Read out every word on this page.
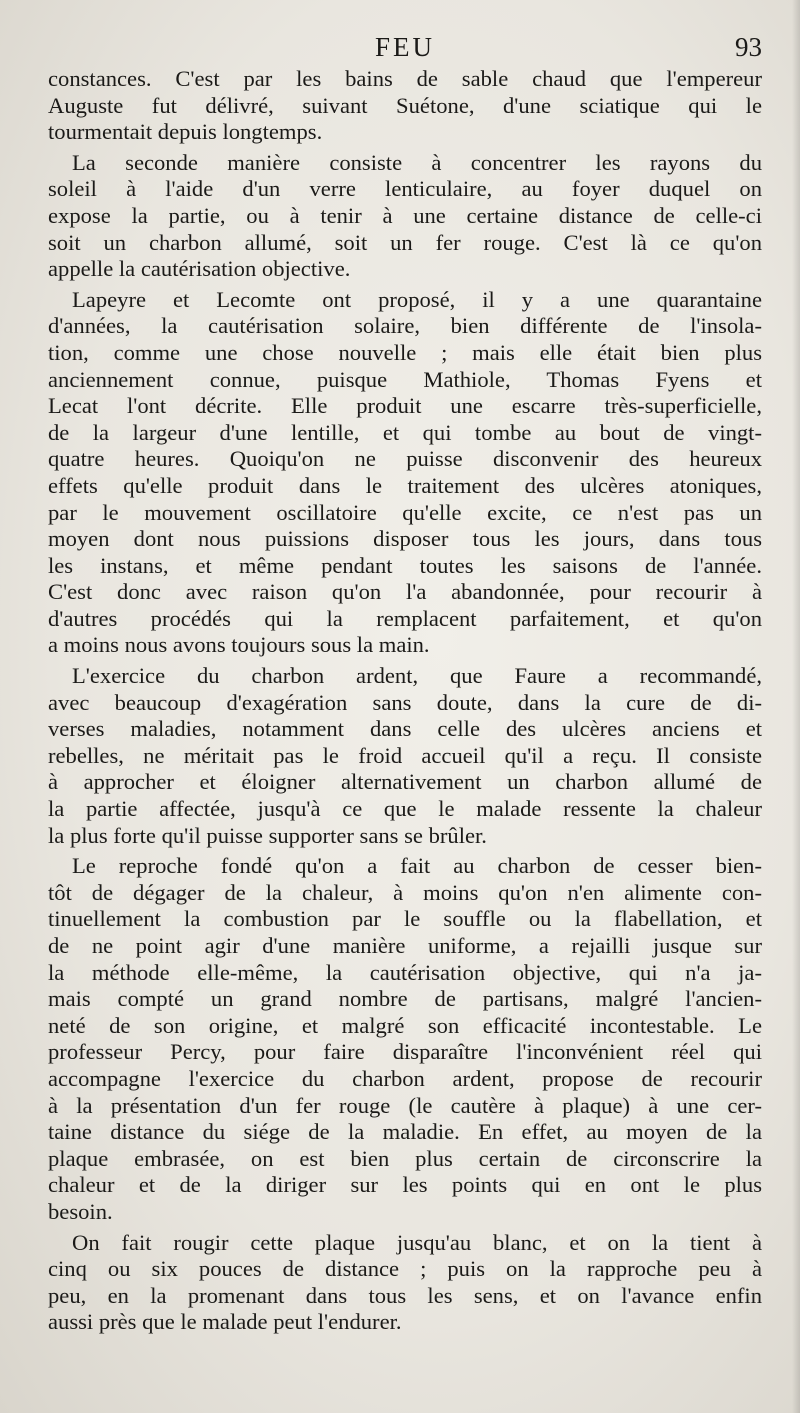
FEU	93
constances. C'est par les bains de sable chaud que l'empereur
Auguste fut délivré, suivant Suétone, d'une sciatique qui le
tourmentait depuis longtemps.
La seconde manière consiste à concentrer les rayons du
soleil à l'aide d'un verre lenticulaire, au foyer duquel on
expose la partie, ou à tenir à une certaine distance de celle-ci
soit un charbon allumé, soit un fer rouge. C'est là ce qu'on
appelle la cautérisation objective.
Lapeyre et Lecomte ont proposé, il y a une quarantaine
d'années, la cautérisation solaire, bien différente de l'insola-
tion, comme une chose nouvelle ; mais elle était bien plus
anciennement connue, puisque Mathiole, Thomas Fyens et
Lecat l'ont décrite. Elle produit une escarre très-superficielle,
de la largeur d'une lentille, et qui tombe au bout de vingt-
quatre heures. Quoiqu'on ne puisse disconvenir des heureux
effets qu'elle produit dans le traitement des ulcères atoniques,
par le mouvement oscillatoire qu'elle excite, ce n'est pas un
moyen dont nous puissions disposer tous les jours, dans tous
les instans, et même pendant toutes les saisons de l'année.
C'est donc avec raison qu'on l'a abandonnée, pour recourir à
d'autres procédés qui la remplacent parfaitement, et qu'on
a moins nous avons toujours sous la main.
L'exercice du charbon ardent, que Faure a recommandé,
avec beaucoup d'exagération sans doute, dans la cure de di-
verses maladies, notamment dans celle des ulcères anciens et
rebelles, ne méritait pas le froid accueil qu'il a reçu. Il consiste
à approcher et éloigner alternativement un charbon allumé de
la partie affectée, jusqu'à ce que le malade ressente la chaleur
la plus forte qu'il puisse supporter sans se brûler.
Le reproche fondé qu'on a fait au charbon de cesser bien-
tôt de dégager de la chaleur, à moins qu'on n'en alimente con-
tinuellement la combustion par le souffle ou la flabellation, et
de ne point agir d'une manière uniforme, a rejailli jusque sur
la méthode elle-même, la cautérisation objective, qui n'a ja-
mais compté un grand nombre de partisans, malgré l'ancien-
neté de son origine, et malgré son efficacité incontestable. Le
professeur Percy, pour faire disparaître l'inconvénient réel qui
accompagne l'exercice du charbon ardent, propose de recourir
à la présentation d'un fer rouge (le cautère à plaque) à une cer-
taine distance du siége de la maladie. En effet, au moyen de la
plaque embrasée, on est bien plus certain de circonscrire la
chaleur et de la diriger sur les points qui en ont le plus
besoin.
On fait rougir cette plaque jusqu'au blanc, et on la tient à
cinq ou six pouces de distance ; puis on la rapproche peu à
peu, en la promenant dans tous les sens, et on l'avance enfin
aussi près que le malade peut l'endurer.
